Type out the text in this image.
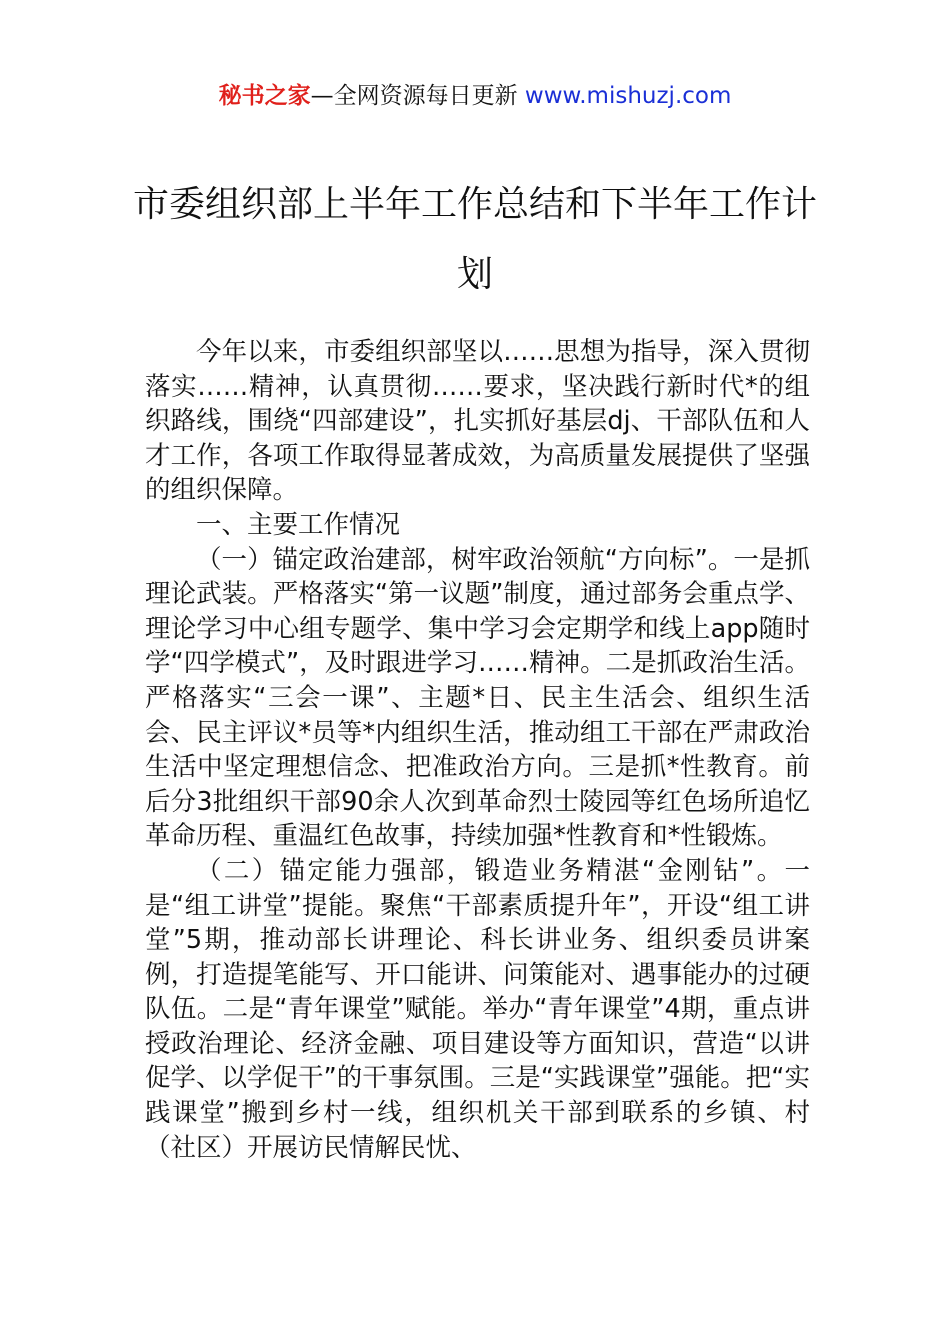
秘书之家—全网资源每日更新 www.mishuzj.com
市委组织部上半年工作总结和下半年工作计划

今年以来，市委组织部坚以……思想为指导，深入贯彻落实……精神，认真贯彻……要求，坚决践行新时代*的组织路线，围绕“四部建设”，扎实抓好基层dj、干部队伍和人才工作，各项工作取得显著成效，为高质量发展提供了坚强的组织保障。

一、主要工作情况

（一）锚定政治建部，树牢政治领航“方向标”。一是抓理论武装。严格落实“第一议题”制度，通过部务会重点学、理论学习中心组专题学、集中学习会定期学和线上app随时学“四学模式”，及时跟进学习……精神。二是抓政治生活。严格落实“三会一课”、主题*日、民主生活会、组织生活会、民主评议*员等*内组织生活，推动组工干部在严肃政治生活中坚定理想信念、把准政治方向。三是抓*性教育。前后分3批组织干部90余人次到革命烈士陵园等红色场所追忆革命历程、重温红色故事，持续加强*性教育和*性锻炼。

（二）锚定能力强部，锻造业务精湛“金刚钻”。一是“组工讲堂”提能。聚焦“干部素质提升年”，开设“组工讲堂”5期，推动部长讲理论、科长讲业务、组织委员讲案例，打造提笔能写、开口能讲、问策能对、遇事能办的过硬队伍。二是“青年课堂”赋能。举办“青年课堂”4期，重点讲授政治理论、经济金融、项目建设等方面知识，营造“以讲促学、以学促干”的干事氛围。三是“实践课堂”强能。把“实践课堂”搬到乡村一线，组织机关干部到联系的乡镇、村（社区）开展访民情解民忧、
